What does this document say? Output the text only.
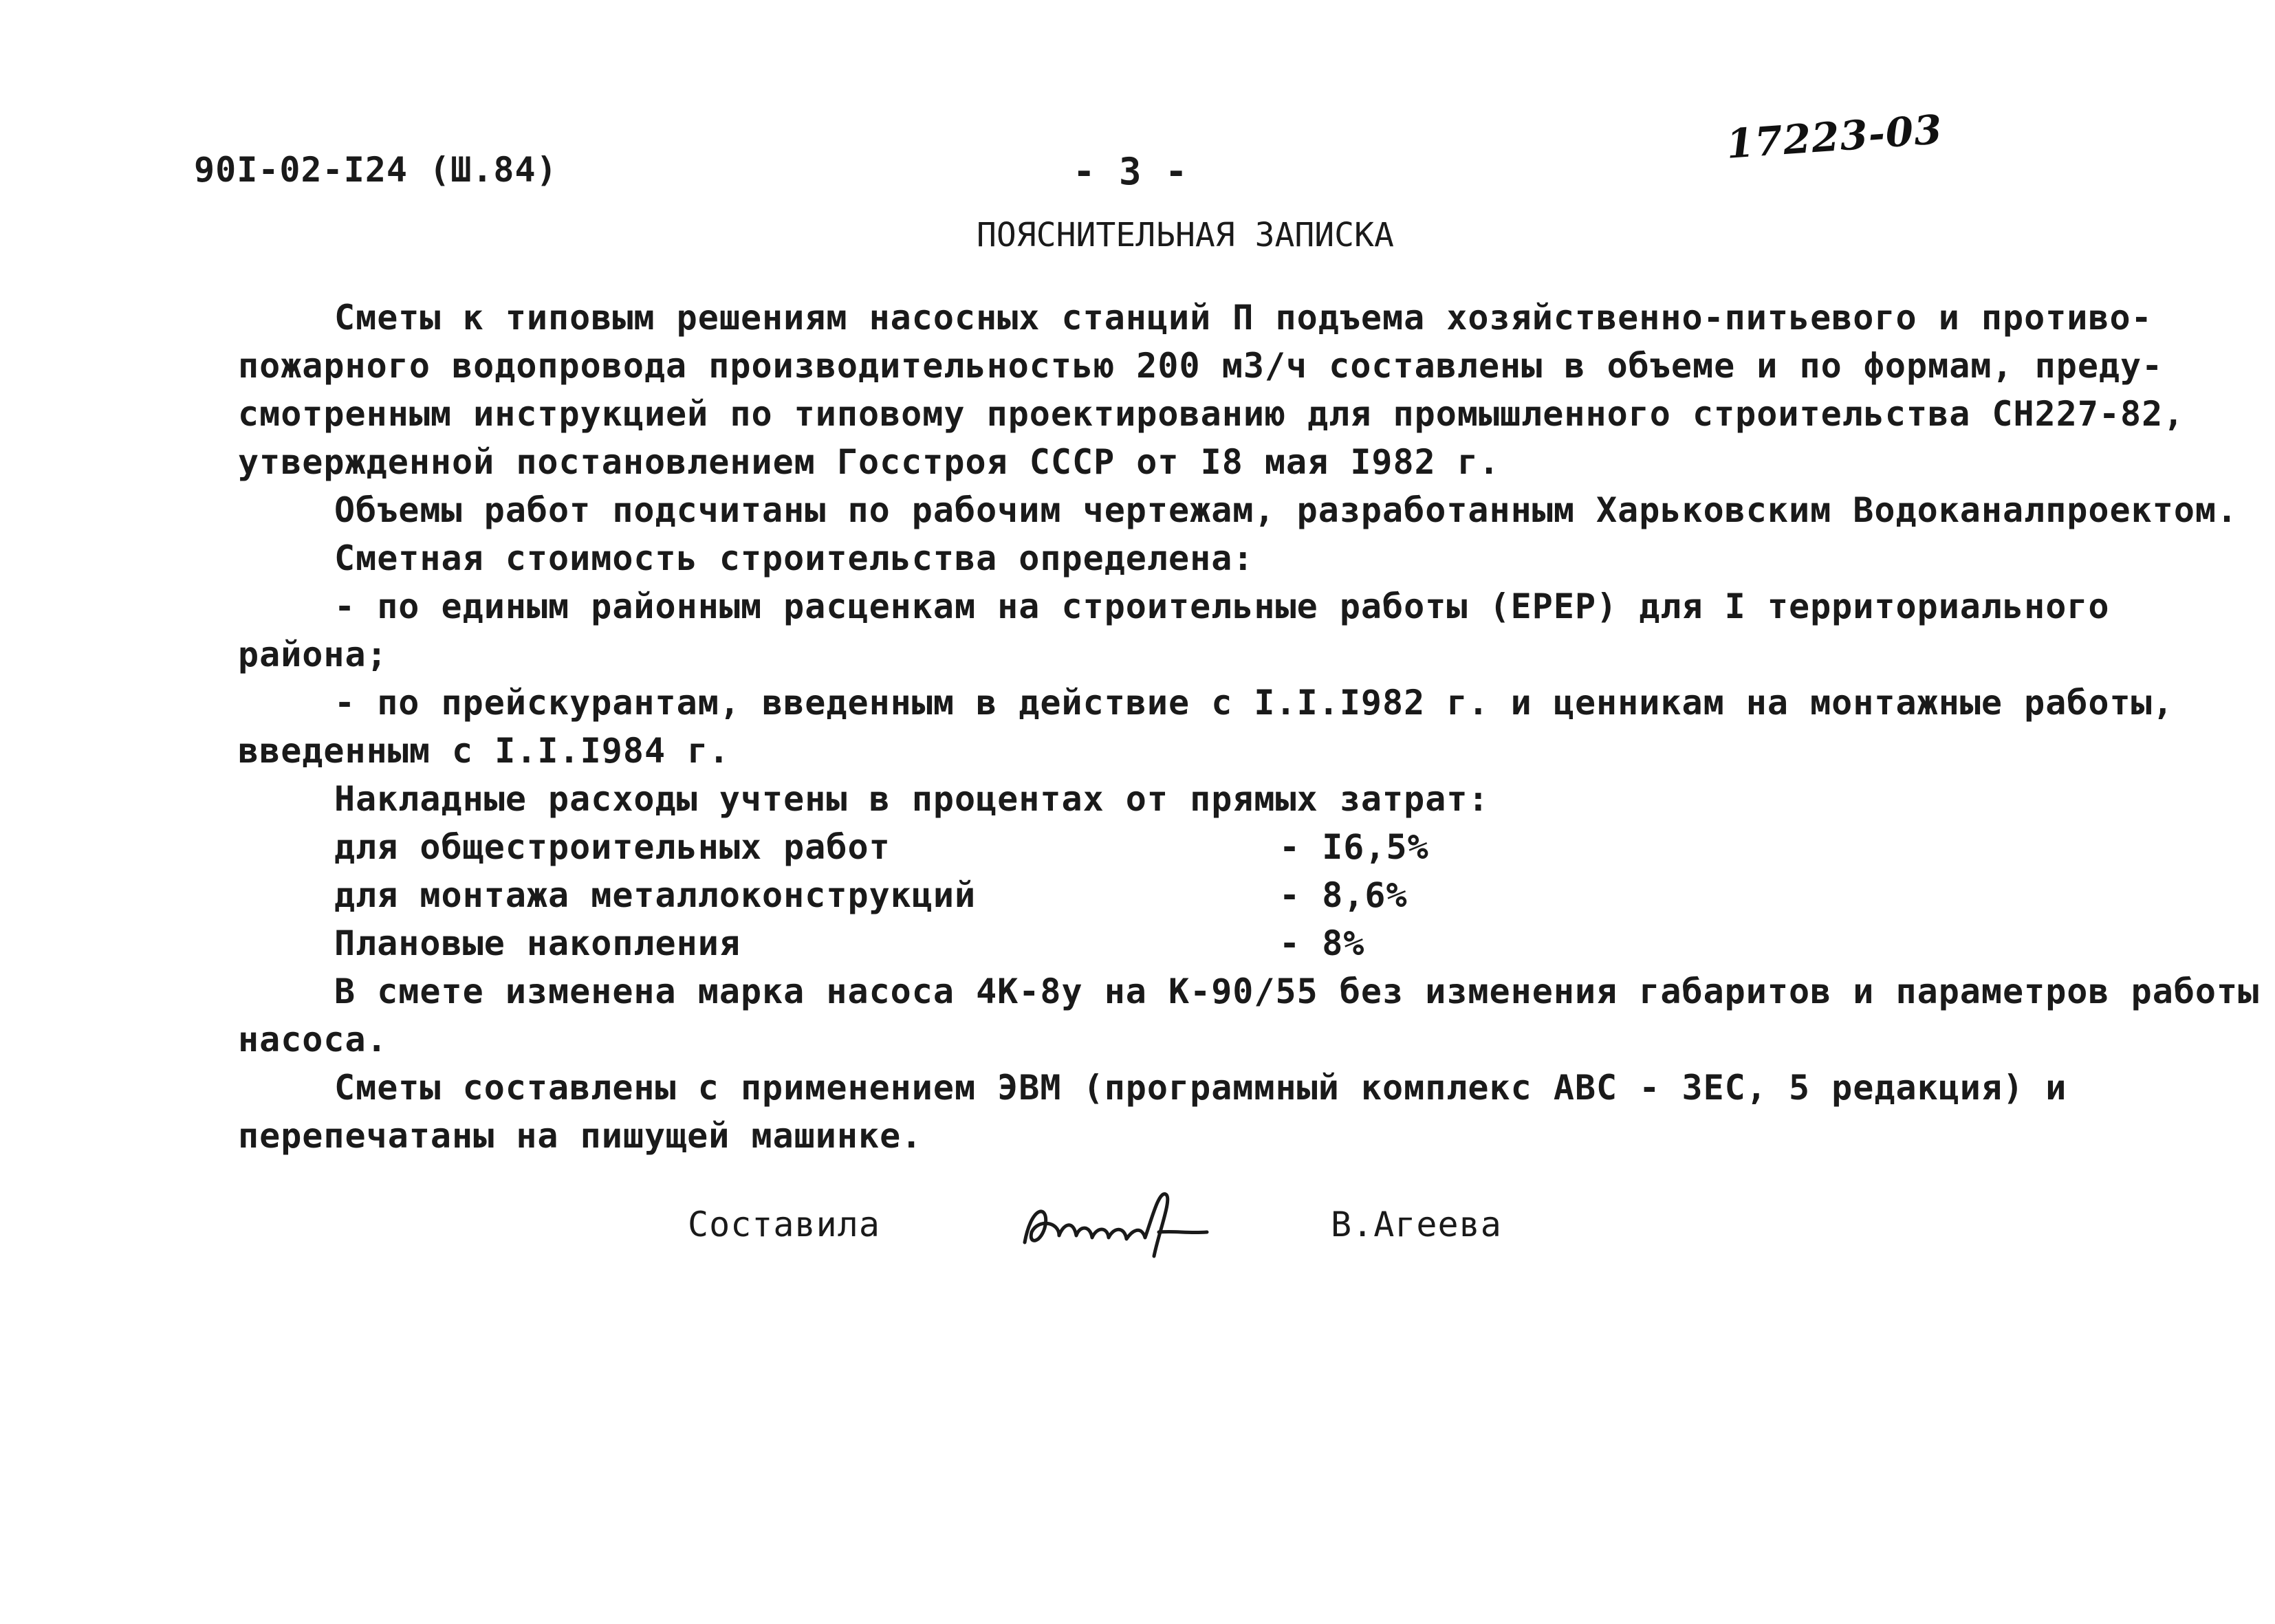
90I-02-I24 (Ш.84)	- 3 -
17223-03
ПОЯСНИТЕЛЬНАЯ ЗАПИСКА
Сметы к типовым решениям насосных станций П подъема хозяйственно-питьевого и противо-
пожарного водопровода производительностью 200 м3/ч составлены в объеме и по формам, преду-
смотренным инструкцией по типовому проектированию для промышленного строительства СН227-82,
утвержденной постановлением Госстроя СССР от I8 мая I982 г.
Объемы работ подсчитаны по рабочим чертежам, разработанным Харьковским Водоканалпроектом.
Сметная стоимость строительства определена:
- по единым районным расценкам на строительные работы (ЕРЕР) для I территориального
района;
- по прейскурантам, введенным в действие с I.I.I982 г. и ценникам на монтажные работы,
введенным с I.I.I984 г.
Накладные расходы учтены в процентах от прямых затрат:
для общестроительных работ	- I6,5%
для монтажа металлоконструкций	- 8,6%
Плановые накопления	- 8%
В смете изменена марка насоса 4К-8у на К-90/55 без изменения габаритов и параметров работы
насоса.
Сметы составлены с применением ЭВМ (программный комплекс АВС - ЗЕС, 5 редакция) и
перепечатаны на пишущей машинке.
Составила	В.Агеева
